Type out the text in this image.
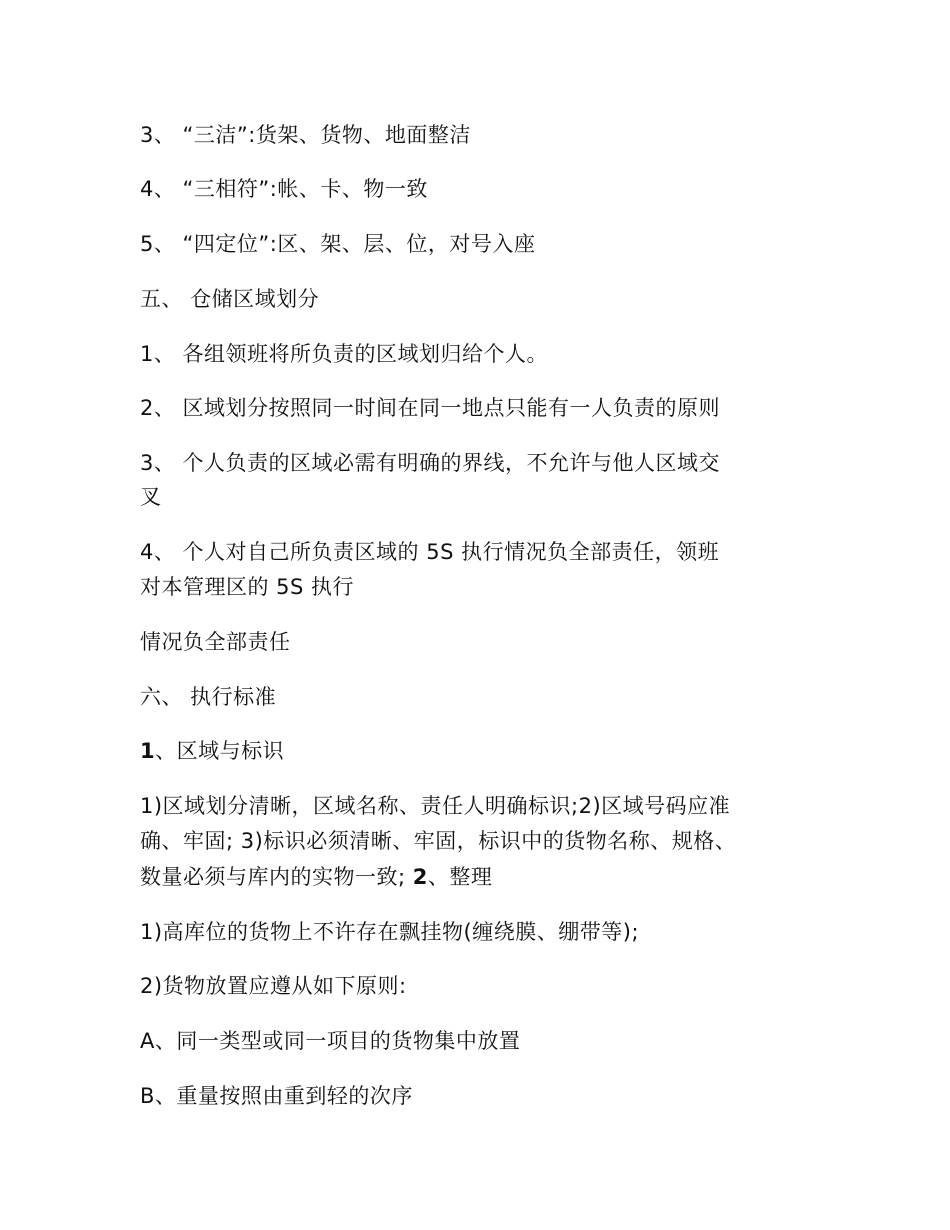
3、 “三洁”:货架、货物、地面整洁
4、 “三相符”:帐、卡、物一致
5、 “四定位”:区、架、层、位，对号入座
五、 仓储区域划分
1、 各组领班将所负责的区域划归给个人。
2、 区域划分按照同一时间在同一地点只能有一人负责的原则
3、 个人负责的区域必需有明确的界线，不允许与他人区域交
叉
4、 个人对自己所负责区域的 5S 执行情况负全部责任，领班
对本管理区的 5S 执行
情况负全部责任
六、 执行标准
1、区域与标识
1)区域划分清晰，区域名称、责任人明确标识;2)区域号码应准
确、牢固; 3)标识必须清晰、牢固，标识中的货物名称、规格、
数量必须与库内的实物一致; 2、整理
1)高库位的货物上不许存在飘挂物(缠绕膜、绷带等);
2)货物放置应遵从如下原则:
A、同一类型或同一项目的货物集中放置
B、重量按照由重到轻的次序
